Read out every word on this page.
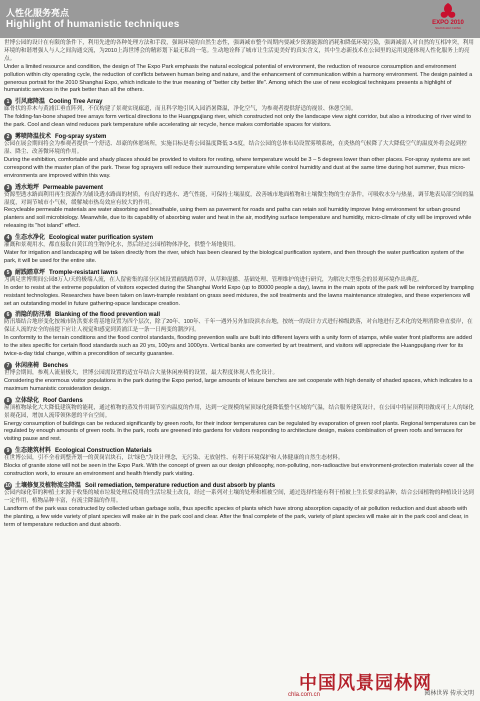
人性化服务亮点
Highlight of humanistic techniques	EXPO 2010
SHANGHAI CHINA

世博公园的设计在有限的条件下，利用先进的各种处理方法和手段，强调环境的自然生态性，强调减市整个周期内要减少资源能源的消耗和降低环境污染，强调减弱人对自然的互相冲突，利用环境的和谐增强人与人之间沟通交流，为2010上海世博会的精彩划下最无私的一笔。生动地诠释了城市让生活更美好的真实含义，其中生态新技术在公园里的运用更能体现人性化服务上的亮点。

Under a limited resource and condition, the design of The Expo Park emphasis the natural ecological potential of environment, the reduction of resource consumption and environment pollution within city operating cycle, the reduction of conflicts between human being and nature, and the enhancement of communication within a harmony environment. The design painted a generous portrait for the 2010 Shanghai Expo, which indicate to the true meaning of "better city better life". Among which the use of new ecological techniques presents a highlight of humanistic services in the park better than all the others.

1 引风廊降温 Cooling Tree Array

廊骨状的乔木与黄浦江垂直阵列，不仅构建了景观实现廊道，而且科学地引风入园消暑降温，净化空气，为参观者提供舒适的视景、休憩空间。

The folding-fan-bone shaped tree arrays form vertical directions to the Huangpujiang river, which constructed not only the landscape view sight corridor, but also a introducing of river wind to the park. Cool and clean wind reduces park temperature while accelerating air recycle, hence makes comfortable spaces for visitors.

2 雾喷降温技术 Fog-spray system

公园在展会期间将会为参观者提供一个舒适、昂豪的休憩场所，实施目标是将公园温度降低 3-5度，结合公园的总体布局设置雾喷系统，在炎热的气候降了大大降低空气的温度外将会起到控湿、降尘、改善微环境的作用。

During the exhibition, comfortable and shady places should be provided to visitors for resting, where temperature would be 3 – 5 degrees lower than other places. For-spray systems are set correspond with the master plan of the park. These fog sprayers will reduce their surrounding temperature while control humidity and dust at the same time during hot summer, thus micro-environments are improved within this way.

3 透水地坪 Permeable pavement

资源型透水路面利用再生资源作为铺设透水路面的材质，有良好的透水、透气性能，可保持土壤湿度，改善城市地面植物和土壤微生物的生存条件，可吸收水分与热量，调节地表局部空间的温湿度，对调节城市小气候，缓解城市热岛效应有较大的作用。

Recycleable permeable materials are water absorbing and breathable, using them as pavement for roads and paths can retain soil humidity improve living environment for urban ground planters and soil microbiology. Meanwhile, due to its capability of absorbing water and heat in the air, modifying surface temperature and humidity, micro-climate of city will be improved while releasing its "hot island" effect.

4 生态水净化 Ecological water purification system

灌溉和景观用水，都直接取自黄江的生物净化水，然后经过公园植物体净化，供整个场地使用。

Water for irrigation and landscaping will be taken directly from the river, which has been cleaned by the biological purification system, and then through the water purification system of the park, it will be used for the entire site.

5 耐践踏草坪 Tromple-resistant lawns

为满足世博期间公园8万人/天的极端人流，在人留密集的部分区域设置耐践踏草坪，从草种混播、基础处理、管理维护的进行研究，为解决大型集会的景观环境作出典范。

In order to resist at the extreme population of visitors expected during the Shanghai World Expo (up to 80000 people a day), lawns in the main spots of the park will be reinforced by trampling resistant technologies. Researches have been taken on lawn-trample resistant on grass seed mixtures, the soil treatments and the lawns maintenance strategies, and these experiences will set an outstanding model in future gathering-space landscape creation.

6 消隐的防汛墙 Blanking of the flood prevention wall

防汛墙结合地形变化按城市防洪要求将基地设置为四个层次，除了20年、100年、千年一遇外另外加设滨水台地，按统一的设计方式进行梯级跌落，对台地进行艺术化的处理消除垂直驳岸，在保证人流的安全的前提下应让人视觉和感觉到黄浦江是一条一日两变的潮汐河。

In conformity to the terrain conditions and the flood control standards, flooding prevention walls are built into different layers with a unity form of stamps, while water front platforms are added to the sites specific for certain flood standards such as 20 yrs, 100yrs and 1000yrs. Vertical banks are converted by art treatment, and visitors will appreciate the Huangpujiang river for its twice-a-day tidal change, within a precondition of security guarantee.

7 休闲座椅 Benches

世博会期间，参观人流量极大，世博公园需设置的适宜年结合大量休闲座椅的设置，最大程度体现人性化设计。

Considering the enormous visitor populations in the park during the Expo period, large amounts of leisure benches are set cooperate with high density of shaded spaces, which indicates to a maximum humanistic consideration design.

8 立体绿化 Roof Gardens

屋顶植物绿化大大降低建筑物的能耗，通过植物的蒸发作用调节室内温度的作用，达到一定规模的屋顶绿化能降低整个区域的气温，结合服务建筑设计，在公园中将屋顶利用做成可上人的绿化景观花园，增加人流带领休憩的平台空间。

Energy consumption of buildings can be reduced significantly by green roofs, for their indoor temperatures can be regulated by evaporation of green roof plants. Regional temperatures can be regulated by enough amounts of green roofs. In the park, roofs are greened into gardens for visitors responding to architecture design, makes combination of green roofs and terraces for visiting pause and rest.

9 生态建筑材料 Ecological Construction Materials

在世博公园，引不全看到整齐划一的黄岗岩块石，以"绿色"为设计理念，无污染、无放射性、有利于环境保护和人体健康的自然生态材料。

Blocks of granite stone will not be seen in the Expo Park. With the concept of green as our design philosophy, non-polluting, non-radioactive but environment-protection materials cover all the construction work, to ensure an environment and health friendly park visiting.

10 土壤修复及植物流尘降温 Soil remediation, temperature reduction and dust absorb by plants

公园内绿化带的种植土来源于收集的城市垃圾处理后使用的生活垃圾土改良，经过一系列对土壤的处理和植被空间，通过选择性能有利于植被上生长要求的品种，结合公园植物的种植设计达到一定作用，植物品种丰富，有流尘降温的作用。

Landform of the park was constructed by collected urban garbage soils, thus specific species of plants which have strong absorption capacity of air pollution reduction and dust absorb with the planting, a few wide variety of plant species will make air in the park cool and clear. After the final complete of the park, variety of plant species will make air in the park cool and clear, in term of temperature reduction and dust absorb.

中国风景园林网
chla.com.cn	园林世界 传承文明
